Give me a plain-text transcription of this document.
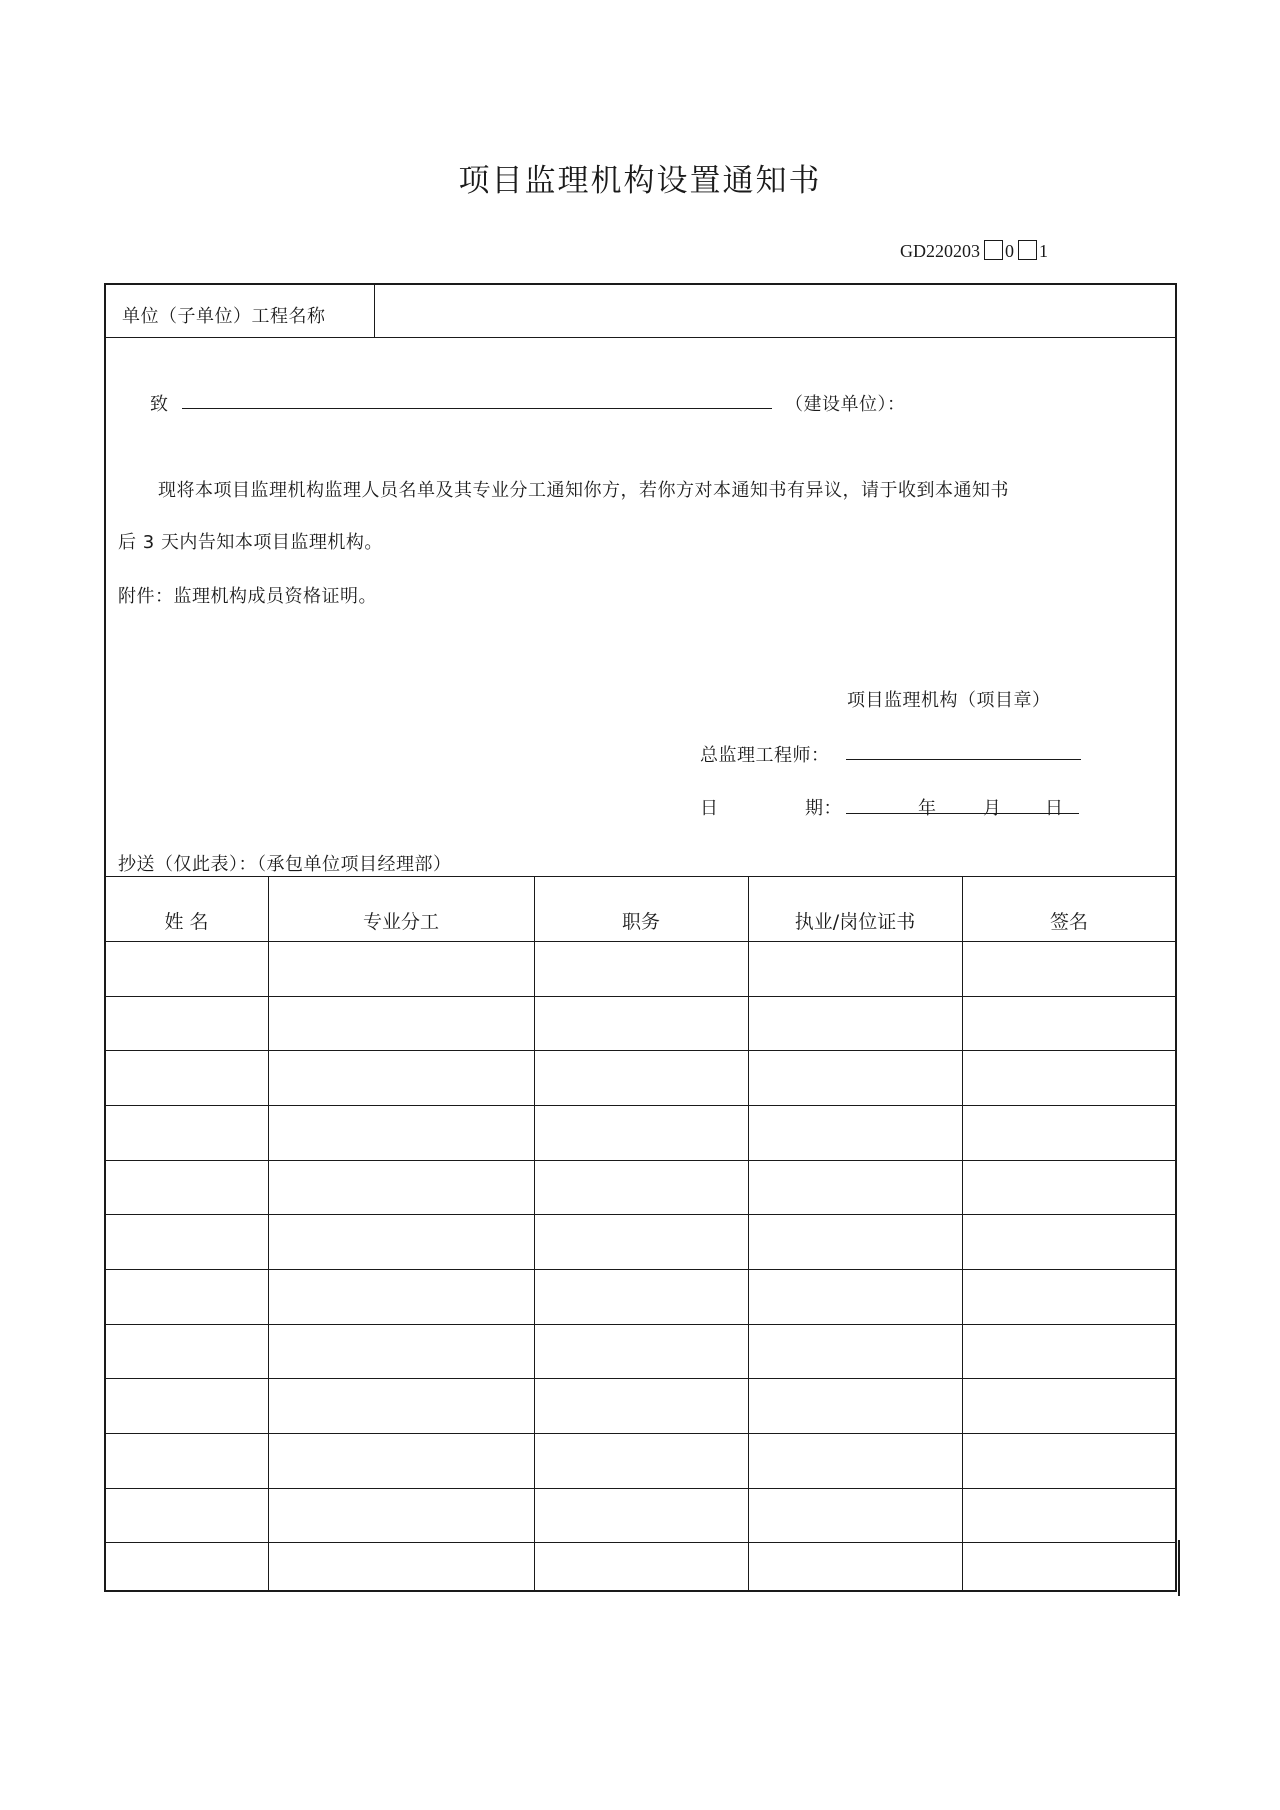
项目监理机构设置通知书
GD220203 0 1
单位（子单位）工程名称
致	（建设单位）：
现将本项目监理机构监理人员名单及其专业分工通知你方，若你方对本通知书有异议，请于收到本通知书
后 3 天内告知本项目监理机构。
附件：监理机构成员资格证明。
项目监理机构（项目章）
总监理工程师：
日	期：	年	月 日
抄送（仅此表）：（承包单位项目经理部）
姓 名	专业分工	职务	执业/岗位证书	签名
